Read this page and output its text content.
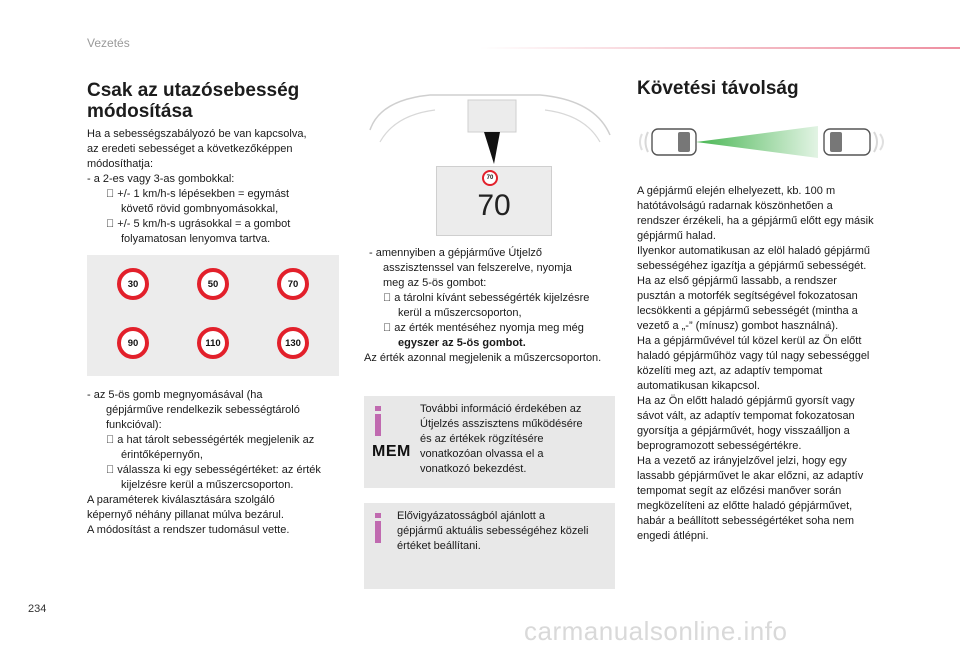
Vezetés
Csak az utazósebesség
módosítása
Ha a sebességszabályozó be van kapcsolva,
az eredeti sebességet a következőképpen
módosíthatja:
- a 2-es vagy 3-as gombokkal:
+/- 1 km/h-s lépésekben = egymást
követő rövid gombnyomásokkal,
+/- 5 km/h-s ugrásokkal = a gombot
folyamatosan lenyomva tartva.
30	50	70
90	110	130
- az 5-ös gomb megnyomásával (ha
gépjárműve rendelkezik sebességtároló
funkcióval):
a hat tárolt sebességérték megjelenik az
érintőképernyőn,
válassza ki egy sebességértéket: az érték
kijelzésre kerül a műszercsoporton.
A paraméterek kiválasztására szolgáló
képernyő néhány pillanat múlva bezárul.
A módosítást a rendszer tudomásul vette.
70
70
- amennyiben a gépjárműve Útjelző
asszisztenssel van felszerelve, nyomja
meg az 5-ös gombot:
a tárolni kívánt sebességérték kijelzésre
kerül a műszercsoporton,
az érték mentéséhez nyomja meg még
egyszer az 5-ös gombot.
Az érték azonnal megjelenik a műszercsoporton.
MEM
További információ érdekében az
Útjelzés asszisztens működésére
és az értékek rögzítésére
vonatkozóan olvassa el a
vonatkozó bekezdést.
Elővigyázatosságból ajánlott a
gépjármű aktuális sebességéhez közeli
értéket beállítani.
Követési távolság
A gépjármű elején elhelyezett, kb. 100 m
hatótávolságú radarnak köszönhetően a
rendszer érzékeli, ha a gépjármű előtt egy másik
gépjármű halad.
Ilyenkor automatikusan az elöl haladó gépjármű
sebességéhez igazítja a gépjármű sebességét.
Ha az első gépjármű lassabb, a rendszer
pusztán a motorfék segítségével fokozatosan
lecsökkenti a gépjármű sebességét (mintha a
vezető a „-” (mínusz) gombot használná).
Ha a gépjárművével túl közel kerül az Ön előtt
haladó gépjárműhöz vagy túl nagy sebességgel
közelíti meg azt, az adaptív tempomat
automatikusan kikapcsol.
Ha az Ön előtt haladó gépjármű gyorsít vagy
sávot vált, az adaptív tempomat fokozatosan
gyorsítja a gépjárművét, hogy visszaálljon a
beprogramozott sebességértékre.
Ha a vezető az irányjelzővel jelzi, hogy egy
lassabb gépjárművet le akar előzni, az adaptív
tempomat segít az előzési manőver során
megközelíteni az előtte haladó gépjárművet,
habár a beállított sebességértéket soha nem
engedi átlépni.
234
carmanualsonline.info
